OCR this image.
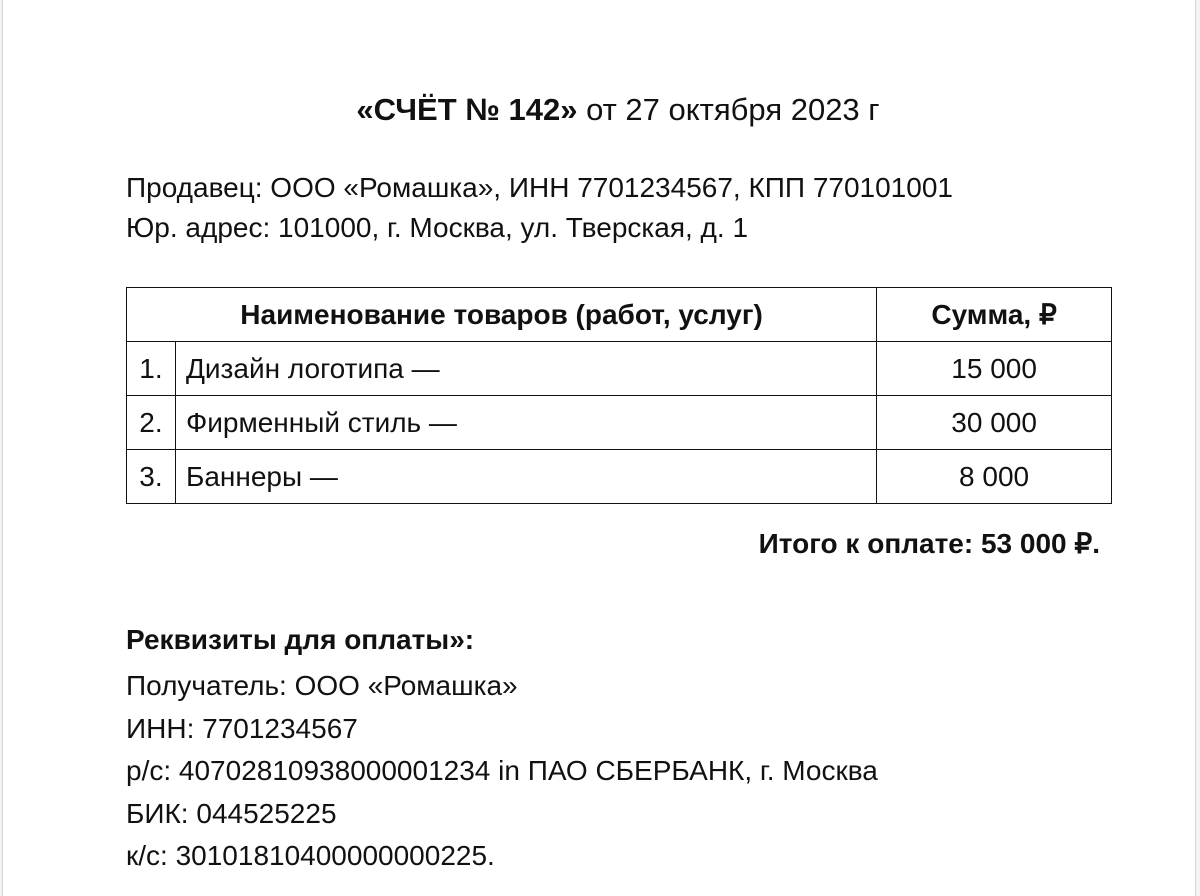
«СЧЁТ № 142» от 27 октября 2023 г
Продавец: ООО «Ромашка», ИНН 7701234567, КПП 770101001
Юр. адрес: 101000, г. Москва, ул. Тверская, д. 1
Наименование товаров (работ, услуг)		Сумма, ₽
1.	Дизайн логотипа —	15 000
2.	Фирменный стиль —	30 000
3.	Баннеры —	8 000
Итого к оплате: 53 000 ₽.
Реквизиты для оплаты»:
Получатель: ООО «Ромашка»
ИНН: 7701234567
р/с: 40702810938000001234 in ПАО СБЕРБАНК, г. Москва
БИК: 044525225
к/с: 30101810400000000225.
